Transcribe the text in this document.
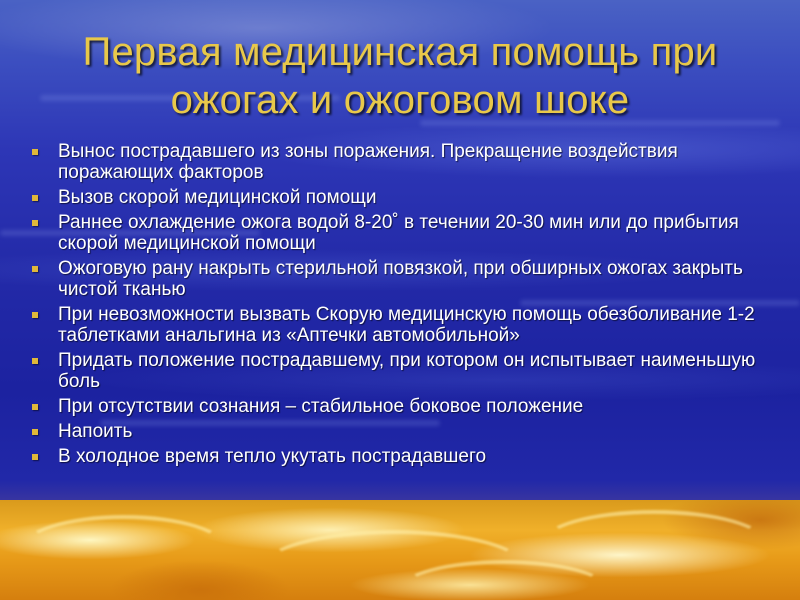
Первая медицинская помощь при
ожогах и ожоговом шоке
Вынос пострадавшего из зоны поражения. Прекращение воздействия поражающих факторов
Вызов скорой медицинской помощи
Раннее охлаждение ожога водой 8-20˚ в течении 20-30 мин или до прибытия скорой медицинской помощи
Ожоговую рану накрыть стерильной повязкой, при обширных ожогах закрыть чистой тканью
При невозможности вызвать Скорую медицинскую помощь обезболивание 1-2 таблетками анальгина из «Аптечки автомобильной»
Придать положение пострадавшему, при котором он испытывает наименьшую боль
При отсутствии сознания – стабильное боковое положение
Напоить
В холодное время тепло укутать пострадавшего
